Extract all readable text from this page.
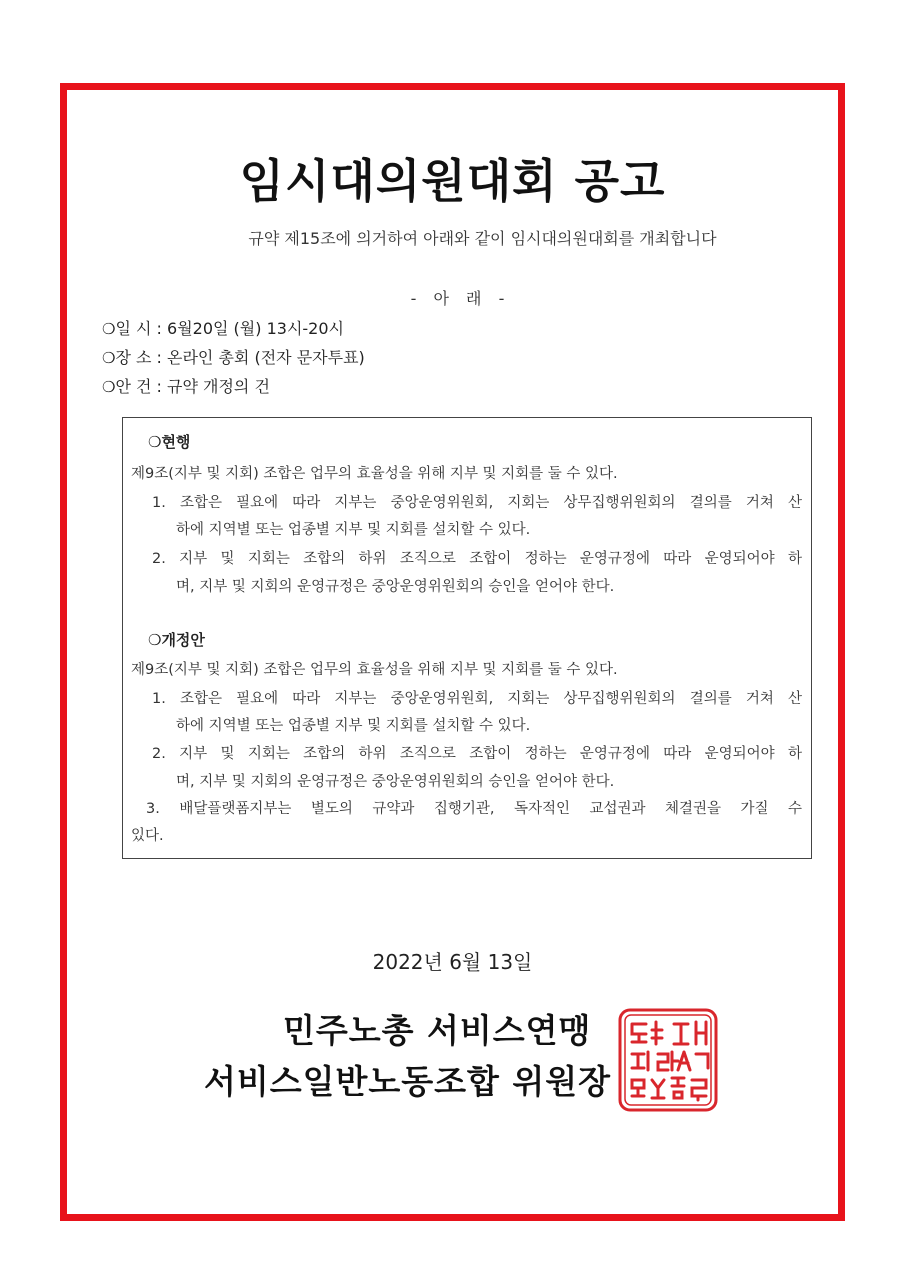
임시대의원대회 공고
규약 제15조에 의거하여 아래와 같이 임시대의원대회를 개최합니다
- 아 래 -
❍일 시 : 6월20일 (월) 13시-20시
❍장 소 : 온라인 총회 (전자 문자투표)
❍안 건 : 규약 개정의 건
❍현행
제9조(지부 및 지회) 조합은 업무의 효율성을 위해 지부 및 지회를 둘 수 있다.
1. 조합은 필요에 따라 지부는 중앙운영위원회, 지회는 상무집행위원회의 결의를 거쳐 산
하에 지역별 또는 업종별 지부 및 지회를 설치할 수 있다.
2. 지부 및 지회는 조합의 하위 조직으로 조합이 정하는 운영규정에 따라 운영되어야 하
며, 지부 및 지회의 운영규정은 중앙운영위원회의 승인을 얻어야 한다.
❍개정안
제9조(지부 및 지회) 조합은 업무의 효율성을 위해 지부 및 지회를 둘 수 있다.
1. 조합은 필요에 따라 지부는 중앙운영위원회, 지회는 상무집행위원회의 결의를 거쳐 산
하에 지역별 또는 업종별 지부 및 지회를 설치할 수 있다.
2. 지부 및 지회는 조합의 하위 조직으로 조합이 정하는 운영규정에 따라 운영되어야 하
며, 지부 및 지회의 운영규정은 중앙운영위원회의 승인을 얻어야 한다.
3. 배달플랫폼지부는 별도의 규약과 집행기관, 독자적인 교섭권과 체결권을 가질 수
있다.
2022년 6월 13일
민주노총 서비스연맹
서비스일반노동조합 위원장
